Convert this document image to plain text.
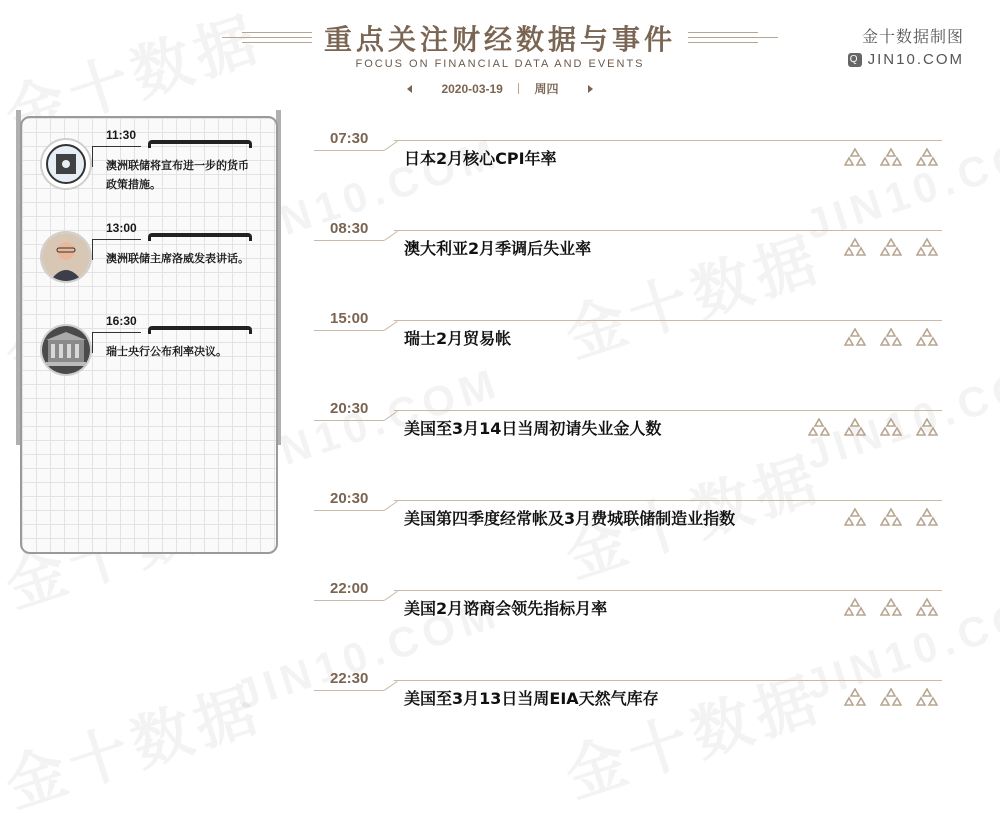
重点关注财经数据与事件
FOCUS ON FINANCIAL DATA AND EVENTS
2020-03-19	周四
金十数据制图
Q JIN10.COM
11:30
澳洲联储将宣布进一步的货币政策措施。
13:00
澳洲联储主席洛威发表讲话。
16:30
瑞士央行公布利率决议。
07:30
日本2月核心CPI年率
08:30
澳大利亚2月季调后失业率
15:00
瑞士2月贸易帐
20:30
美国至3月14日当周初请失业金人数
20:30
美国第四季度经常帐及3月费城联储制造业指数
22:00
美国2月谘商会领先指标月率
22:30
美国至3月13日当周EIA天然气库存
